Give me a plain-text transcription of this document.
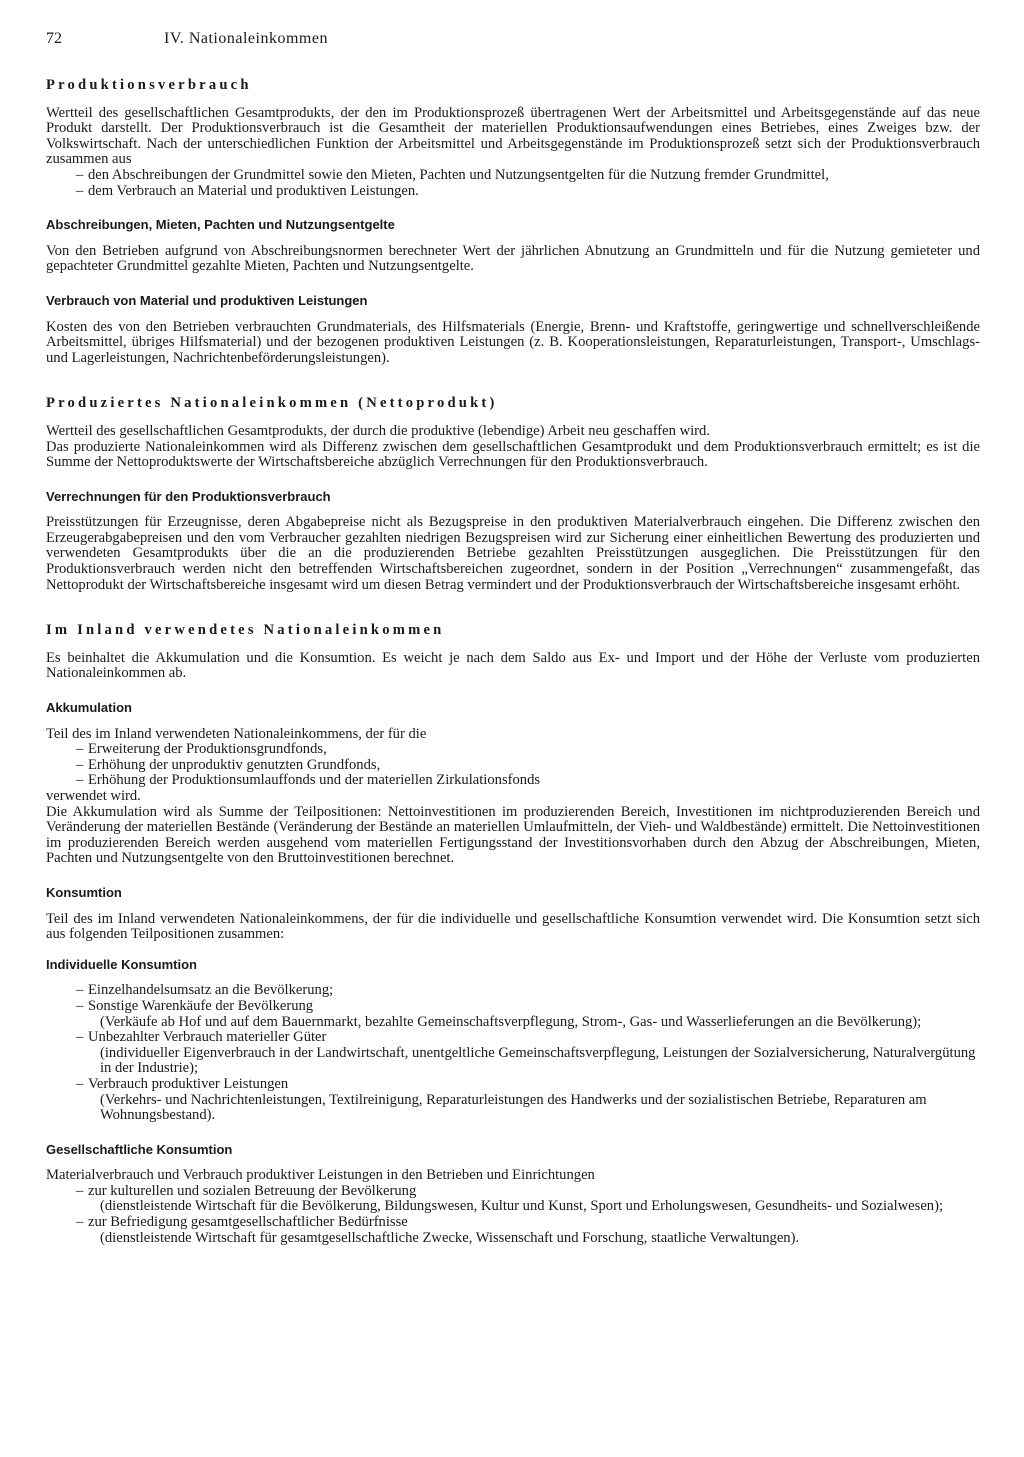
72	IV. Nationaleinkommen
Produktionsverbrauch

Wertteil des gesellschaftlichen Gesamtprodukts, der den im Produktionsprozeß übertragenen Wert der Arbeitsmittel und Arbeitsgegenstände auf das neue Produkt darstellt. Der Produktionsverbrauch ist die Gesamtheit der materiellen Produktionsaufwendungen eines Betriebes, eines Zweiges bzw. der Volkswirtschaft. Nach der unterschiedlichen Funktion der Arbeitsmittel und Arbeitsgegenstände im Produktionsprozeß setzt sich der Produktionsverbrauch zusammen aus

– den Abschreibungen der Grundmittel sowie den Mieten, Pachten und Nutzungsentgelten für die Nutzung fremder Grundmittel,
– dem Verbrauch an Material und produktiven Leistungen.
Abschreibungen, Mieten, Pachten und Nutzungsentgelte

Von den Betrieben aufgrund von Abschreibungsnormen berechneter Wert der jährlichen Abnutzung an Grundmitteln und für die Nutzung gemieteter und gepachteter Grundmittel gezahlte Mieten, Pachten und Nutzungsentgelte.

Verbrauch von Material und produktiven Leistungen

Kosten des von den Betrieben verbrauchten Grundmaterials, des Hilfsmaterials (Energie, Brenn- und Kraftstoffe, geringwertige und schnellverschleißende Arbeitsmittel, übriges Hilfsmaterial) und der bezogenen produktiven Leistungen (z. B. Kooperationsleistungen, Reparaturleistungen, Transport-, Umschlags- und Lagerleistungen, Nachrichtenbeförderungsleistungen).

Produziertes Nationaleinkommen (Nettoprodukt)

Wertteil des gesellschaftlichen Gesamtprodukts, der durch die produktive (lebendige) Arbeit neu geschaffen wird.

Das produzierte Nationaleinkommen wird als Differenz zwischen dem gesellschaftlichen Gesamtprodukt und dem Produktionsverbrauch ermittelt; es ist die Summe der Nettoproduktswerte der Wirtschaftsbereiche abzüglich Verrechnungen für den Produktionsverbrauch.

Verrechnungen für den Produktionsverbrauch

Preisstützungen für Erzeugnisse, deren Abgabepreise nicht als Bezugspreise in den produktiven Materialverbrauch eingehen. Die Differenz zwischen den Erzeugerabgabepreisen und den vom Verbraucher gezahlten niedrigen Bezugspreisen wird zur Sicherung einer einheitlichen Bewertung des produzierten und verwendeten Gesamtprodukts über die an die produzierenden Betriebe gezahlten Preisstützungen ausgeglichen. Die Preisstützungen für den Produktionsverbrauch werden nicht den betreffenden Wirtschaftsbereichen zugeordnet, sondern in der Position „Verrechnungen“ zusammengefaßt, das Nettoprodukt der Wirtschaftsbereiche insgesamt wird um diesen Betrag vermindert und der Produktionsverbrauch der Wirtschaftsbereiche insgesamt erhöht.

Im Inland verwendetes Nationaleinkommen

Es beinhaltet die Akkumulation und die Konsumtion. Es weicht je nach dem Saldo aus Ex- und Import und der Höhe der Verluste vom produzierten Nationaleinkommen ab.

Akkumulation

Teil des im Inland verwendeten Nationaleinkommens, der für die

– Erweiterung der Produktionsgrundfonds,
– Erhöhung der unproduktiv genutzten Grundfonds,
– Erhöhung der Produktionsumlauffonds und der materiellen Zirkulationsfonds

verwendet wird.

Die Akkumulation wird als Summe der Teilpositionen: Nettoinvestitionen im produzierenden Bereich, Investitionen im nichtproduzierenden Bereich und Veränderung der materiellen Bestände (Veränderung der Bestände an materiellen Umlaufmitteln, der Vieh- und Waldbestände) ermittelt. Die Nettoinvestitionen im produzierenden Bereich werden ausgehend vom materiellen Fertigungsstand der Investitionsvorhaben durch den Abzug der Abschreibungen, Mieten, Pachten und Nutzungsentgelte von den Bruttoinvestitionen berechnet.

Konsumtion

Teil des im Inland verwendeten Nationaleinkommens, der für die individuelle und gesellschaftliche Konsumtion verwendet wird. Die Konsumtion setzt sich aus folgenden Teilpositionen zusammen:

Individuelle Konsumtion
– Einzelhandelsumsatz an die Bevölkerung;
– Sonstige Warenkäufe der Bevölkerung
(Verkäufe ab Hof und auf dem Bauernmarkt, bezahlte Gemeinschaftsverpflegung, Strom-, Gas- und Wasserlieferungen an die Bevölkerung);
– Unbezahlter Verbrauch materieller Güter
(individueller Eigenverbrauch in der Landwirtschaft, unentgeltliche Gemeinschaftsverpflegung, Leistungen der Sozialversicherung, Naturalvergütung in der Industrie);
– Verbrauch produktiver Leistungen
(Verkehrs- und Nachrichtenleistungen, Textilreinigung, Reparaturleistungen des Handwerks und der sozialistischen Betriebe, Reparaturen am Wohnungsbestand).
Gesellschaftliche Konsumtion

Materialverbrauch und Verbrauch produktiver Leistungen in den Betrieben und Einrichtungen

– zur kulturellen und sozialen Betreuung der Bevölkerung
(dienstleistende Wirtschaft für die Bevölkerung, Bildungswesen, Kultur und Kunst, Sport und Erholungswesen, Gesundheits- und Sozialwesen);
– zur Befriedigung gesamtgesellschaftlicher Bedürfnisse
(dienstleistende Wirtschaft für gesamtgesellschaftliche Zwecke, Wissenschaft und Forschung, staatliche Verwaltungen).
